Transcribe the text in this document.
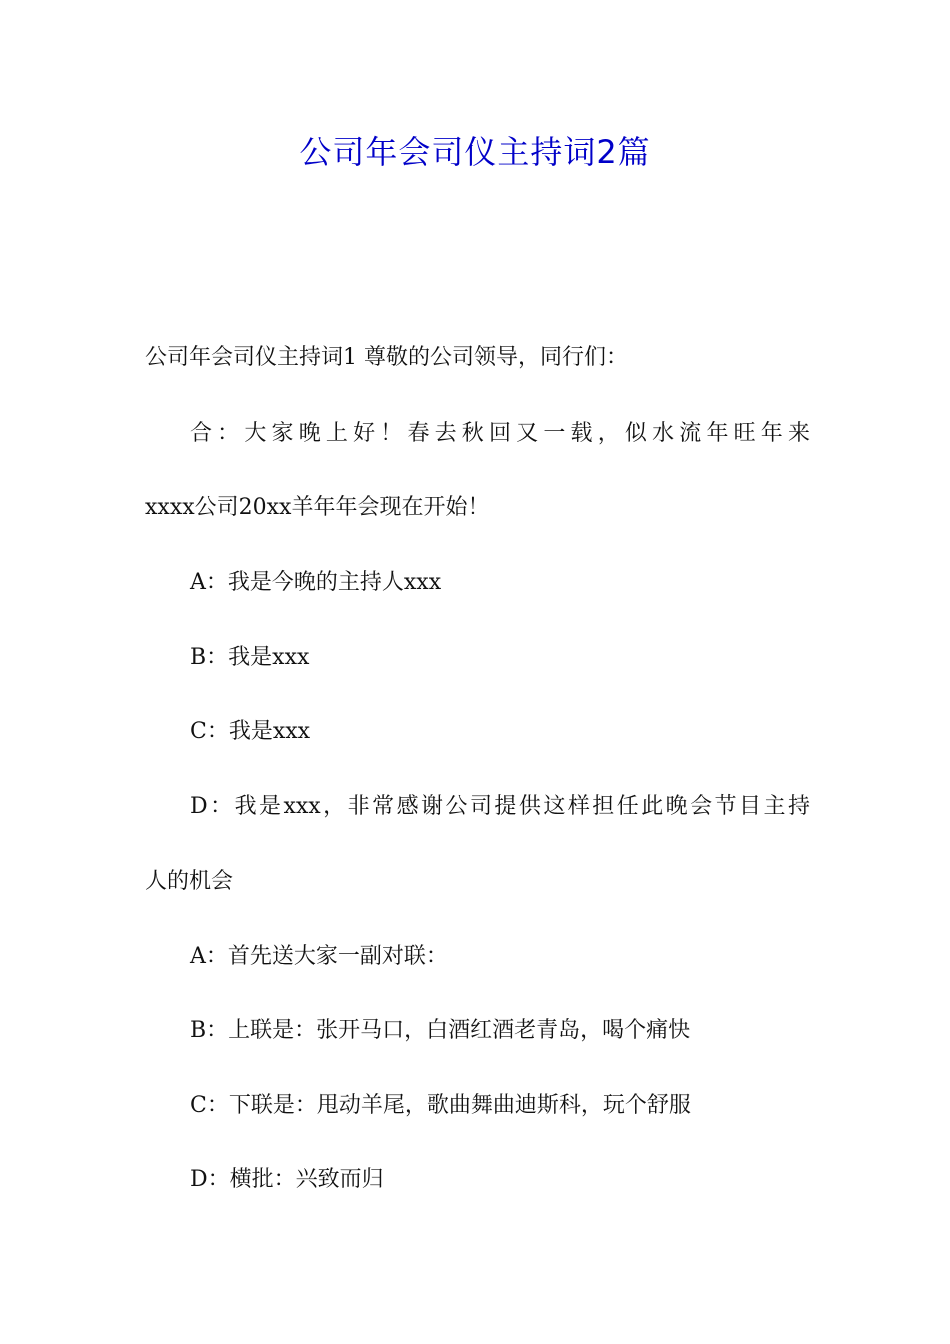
公司年会司仪主持词2篇
公司年会司仪主持词1 尊敬的公司领导，同行们：
合：大家晚上好！春去秋回又一载，似水流年旺年来
xxxx公司20xx羊年年会现在开始！
A：我是今晚的主持人xxx
B：我是xxx
C：我是xxx
D：我是xxx，非常感谢公司提供这样担任此晚会节目主持
人的机会
A：首先送大家一副对联：
B：上联是：张开马口，白酒红酒老青岛，喝个痛快
C：下联是：甩动羊尾，歌曲舞曲迪斯科，玩个舒服
D：横批：兴致而归
